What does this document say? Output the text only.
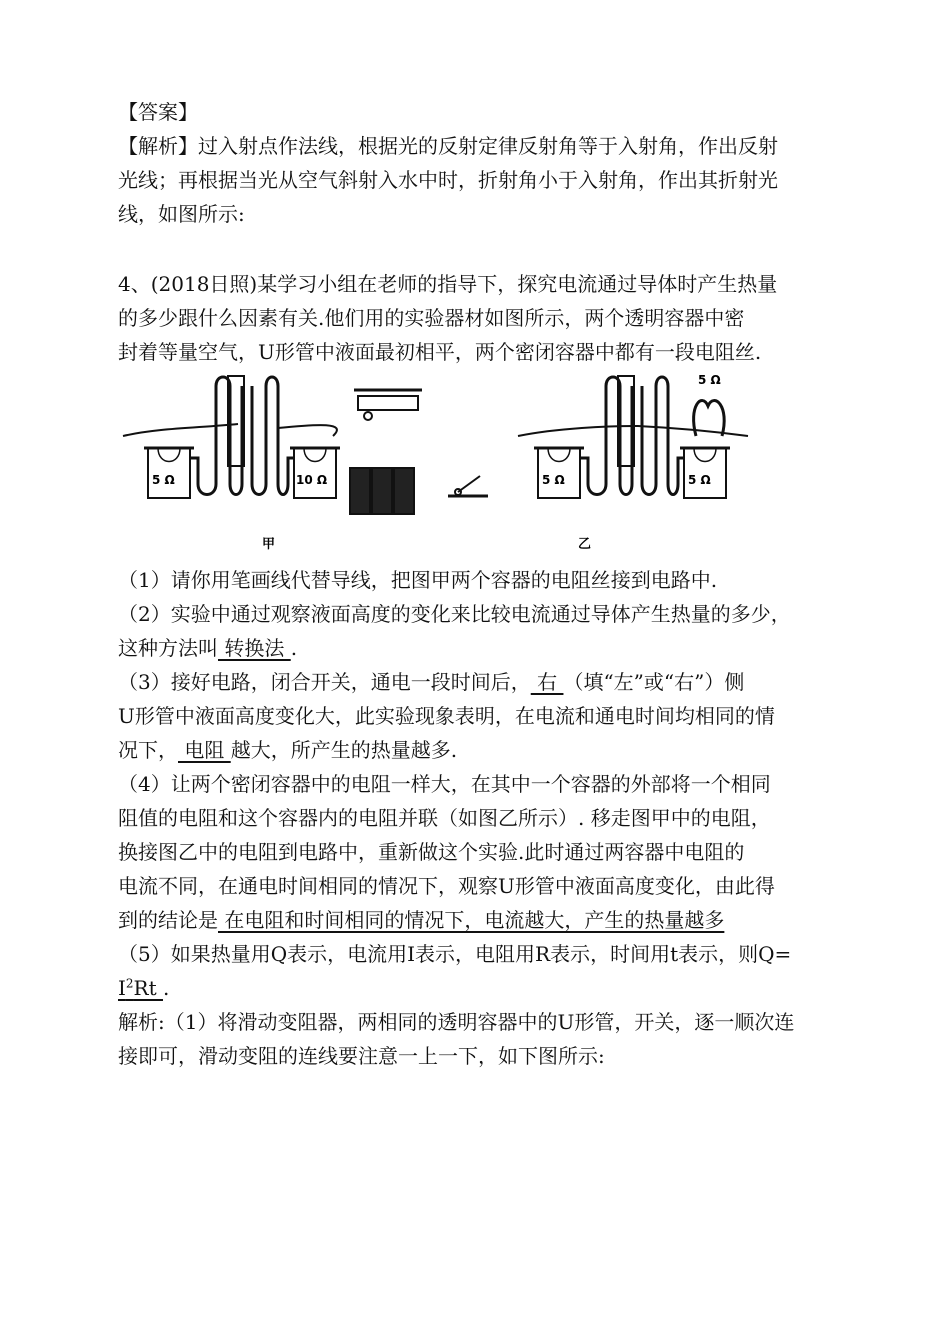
【答案】
【解析】过入射点作法线，根据光的反射定律反射角等于入射角，作出反射
光线；再根据当光从空气斜射入水中时，折射角小于入射角，作出其折射光
线，如图所示:
4、(2018日照)某学习小组在老师的指导下，探究电流通过导体时产生热量
的多少跟什么因素有关.他们用的实验器材如图所示，两个透明容器中密
封着等量空气，U形管中液面最初相平，两个密闭容器中都有一段电阻丝.
5 Ω	10 Ω	5 Ω	5 Ω
5 Ω
甲	乙
（1）请你用笔画线代替导线，把图甲两个容器的电阻丝接到电路中.
（2）实验中通过观察液面高度的变化来比较电流通过导体产生热量的多少，
这种方法叫 转换法 .
（3）接好电路，闭合开关，通电一段时间后， 右 （填“左”或“右”）侧
U形管中液面高度变化大，此实验现象表明，在电流和通电时间均相同的情
况下， 电阻 越大，所产生的热量越多.
（4）让两个密闭容器中的电阻一样大，在其中一个容器的外部将一个相同
阻值的电阻和这个容器内的电阻并联（如图乙所示）. 移走图甲中的电阻，
换接图乙中的电阻到电路中，重新做这个实验.此时通过两容器中电阻的
电流不同，在通电时间相同的情况下，观察U形管中液面高度变化，由此得
到的结论是 在电阻和时间相同的情况下，电流越大，产生的热量越多
（5）如果热量用Q表示，电流用I表示，电阻用R表示，时间用t表示，则Q=
$I^2Rt$ .
解析:（1）将滑动变阻器，两相同的透明容器中的U形管，开关，逐一顺次连
接即可，滑动变阻的连线要注意一上一下，如下图所示:
